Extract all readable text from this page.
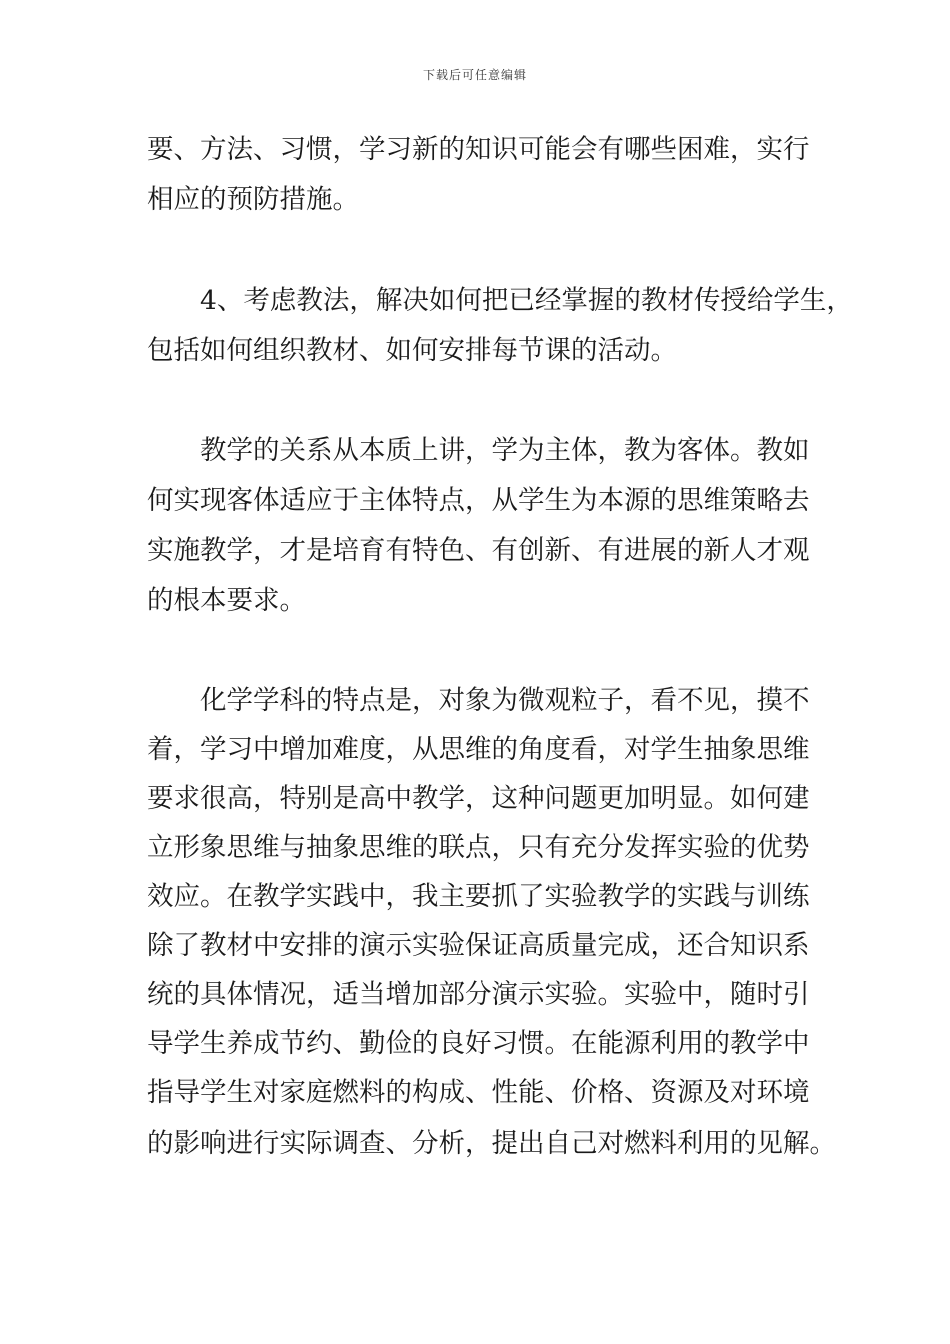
下载后可任意编辑
要、方法、习惯，学习新的知识可能会有哪些困难，实行
相应的预防措施。
　　4、考虑教法，解决如何把已经掌握的教材传授给学生，
包括如何组织教材、如何安排每节课的活动。
　　教学的关系从本质上讲，学为主体，教为客体。教如
何实现客体适应于主体特点，从学生为本源的思维策略去
实施教学，才是培育有特色、有创新、有进展的新人才观
的根本要求。
　　化学学科的特点是，对象为微观粒子，看不见，摸不
着，学习中增加难度，从思维的角度看，对学生抽象思维
要求很高，特别是高中教学，这种问题更加明显。如何建
立形象思维与抽象思维的联点，只有充分发挥实验的优势
效应。在教学实践中，我主要抓了实验教学的实践与训练
除了教材中安排的演示实验保证高质量完成，还合知识系
统的具体情况，适当增加部分演示实验。实验中，随时引
导学生养成节约、勤俭的良好习惯。在能源利用的教学中
指导学生对家庭燃料的构成、性能、价格、资源及对环境
的影响进行实际调查、分析，提出自己对燃料利用的见解。
